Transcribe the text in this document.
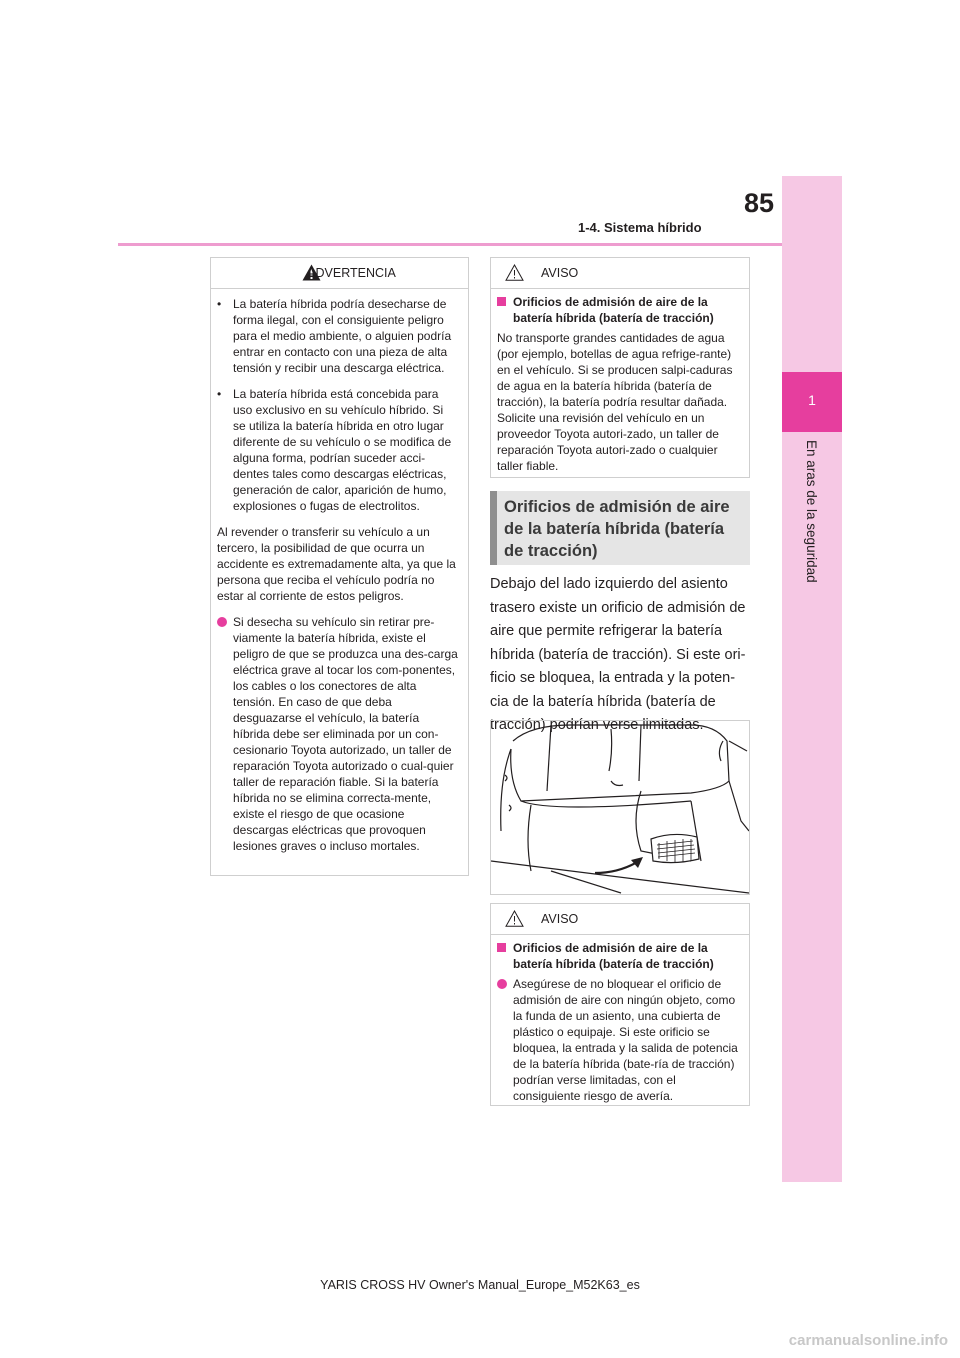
85
1-4. Sistema híbrido
1
En aras de la seguridad
ADVERTENCIA
• La batería híbrida podría desecharse de forma ilegal, con el consiguiente peligro para el medio ambiente, o alguien podría entrar en contacto con una pieza de alta tensión y recibir una descarga eléctrica.
• La batería híbrida está concebida para uso exclusivo en su vehículo híbrido. Si se utiliza la batería híbrida en otro lugar diferente de su vehículo o se modifica de alguna forma, podrían suceder acci-dentes tales como descargas eléctricas, generación de calor, aparición de humo, explosiones o fugas de electrolitos.
Al revender o transferir su vehículo a un tercero, la posibilidad de que ocurra un accidente es extremadamente alta, ya que la persona que reciba el vehículo podría no estar al corriente de estos peligros.
Si desecha su vehículo sin retirar pre-viamente la batería híbrida, existe el peligro de que se produzca una des-carga eléctrica grave al tocar los com-ponentes, los cables o los conectores de alta tensión. En caso de que deba desguazarse el vehículo, la batería híbrida debe ser eliminada por un con-cesionario Toyota autorizado, un taller de reparación Toyota autorizado o cual-quier taller de reparación fiable. Si la batería híbrida no se elimina correcta-mente, existe el riesgo de que ocasione descargas eléctricas que provoquen lesiones graves o incluso mortales.
AVISO
Orificios de admisión de aire de la batería híbrida (batería de tracción)
No transporte grandes cantidades de agua (por ejemplo, botellas de agua refrige-rante) en el vehículo. Si se producen salpi-caduras de agua en la batería híbrida (batería de tracción), la batería podría resultar dañada. Solicite una revisión del vehículo en un proveedor Toyota autori-zado, un taller de reparación Toyota autori-zado o cualquier taller fiable.
Orificios de admisión de aire de la batería híbrida (batería de tracción)
Debajo del lado izquierdo del asiento trasero existe un orificio de admisión de aire que permite refrigerar la batería híbrida (batería de tracción). Si este ori-ficio se bloquea, la entrada y la poten-cia de la batería híbrida (batería de tracción) podrían verse limitadas.
AVISO
Orificios de admisión de aire de la batería híbrida (batería de tracción)
Asegúrese de no bloquear el orificio de admisión de aire con ningún objeto, como la funda de un asiento, una cubierta de plástico o equipaje. Si este orificio se bloquea, la entrada y la salida de potencia de la batería híbrida (bate-ría de tracción) podrían verse limitadas, con el consiguiente riesgo de avería.
YARIS CROSS HV Owner's Manual_Europe_M52K63_es
carmanualsonline.info
